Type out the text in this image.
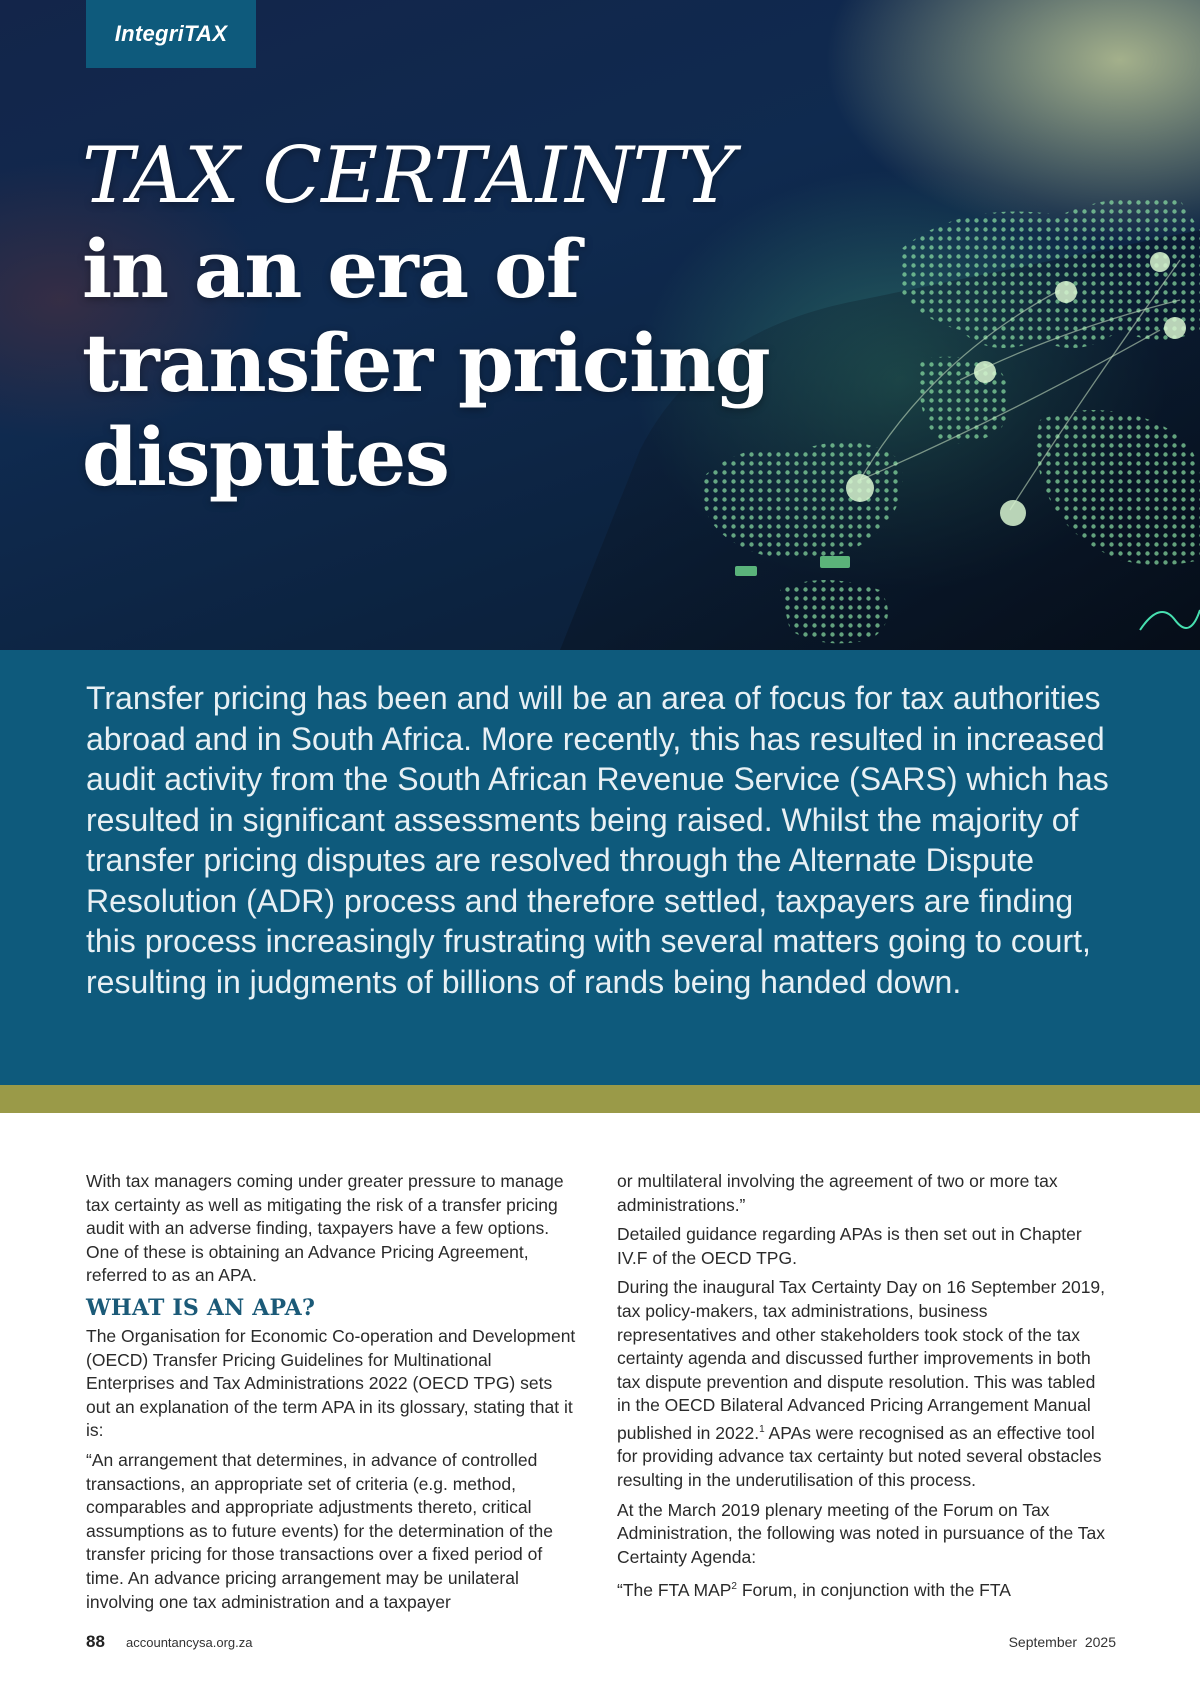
IntegriTAX
TAX CERTAINTY
in an era of
transfer pricing
disputes

Transfer pricing has been and will be an area of focus for tax authorities abroad and in South Africa. More recently, this has resulted in increased audit activity from the South African Revenue Service (SARS) which has resulted in significant assessments being raised. Whilst the majority of transfer pricing disputes are resolved through the Alternate Dispute Resolution (ADR) process and therefore settled, taxpayers are finding this process increasingly frustrating with several matters going to court, resulting in judgments of billions of rands being handed down.

With tax managers coming under greater pressure to manage tax certainty as well as mitigating the risk of a transfer pricing audit with an adverse finding, taxpayers have a few options. One of these is obtaining an Advance Pricing Agreement, referred to as an APA.

WHAT IS AN APA?

The Organisation for Economic Co-operation and Development (OECD) Transfer Pricing Guidelines for Multinational Enterprises and Tax Administrations 2022 (OECD TPG) sets out an explanation of the term APA in its glossary, stating that it is:

“An arrangement that determines, in advance of controlled transactions, an appropriate set of criteria (e.g. method, comparables and appropriate adjustments thereto, critical assumptions as to future events) for the determination of the transfer pricing for those transactions over a fixed period of time. An advance pricing arrangement may be unilateral involving one tax administration and a taxpayer

or multilateral involving the agreement of two or more tax administrations.”

Detailed guidance regarding APAs is then set out in Chapter IV.F of the OECD TPG.

During the inaugural Tax Certainty Day on 16 September 2019, tax policy-makers, tax administrations, business representatives and other stakeholders took stock of the tax certainty agenda and discussed further improvements in both tax dispute prevention and dispute resolution. This was tabled in the OECD Bilateral Advanced Pricing Arrangement Manual published in 2022.$^1$ APAs were recognised as an effective tool for providing advance tax certainty but noted several obstacles resulting in the underutilisation of this process.

At the March 2019 plenary meeting of the Forum on Tax Administration, the following was noted in pursuance of the Tax Certainty Agenda:

“The FTA MAP$^2$ Forum, in conjunction with the FTA

88 accountancysa.org.za	September  2025
